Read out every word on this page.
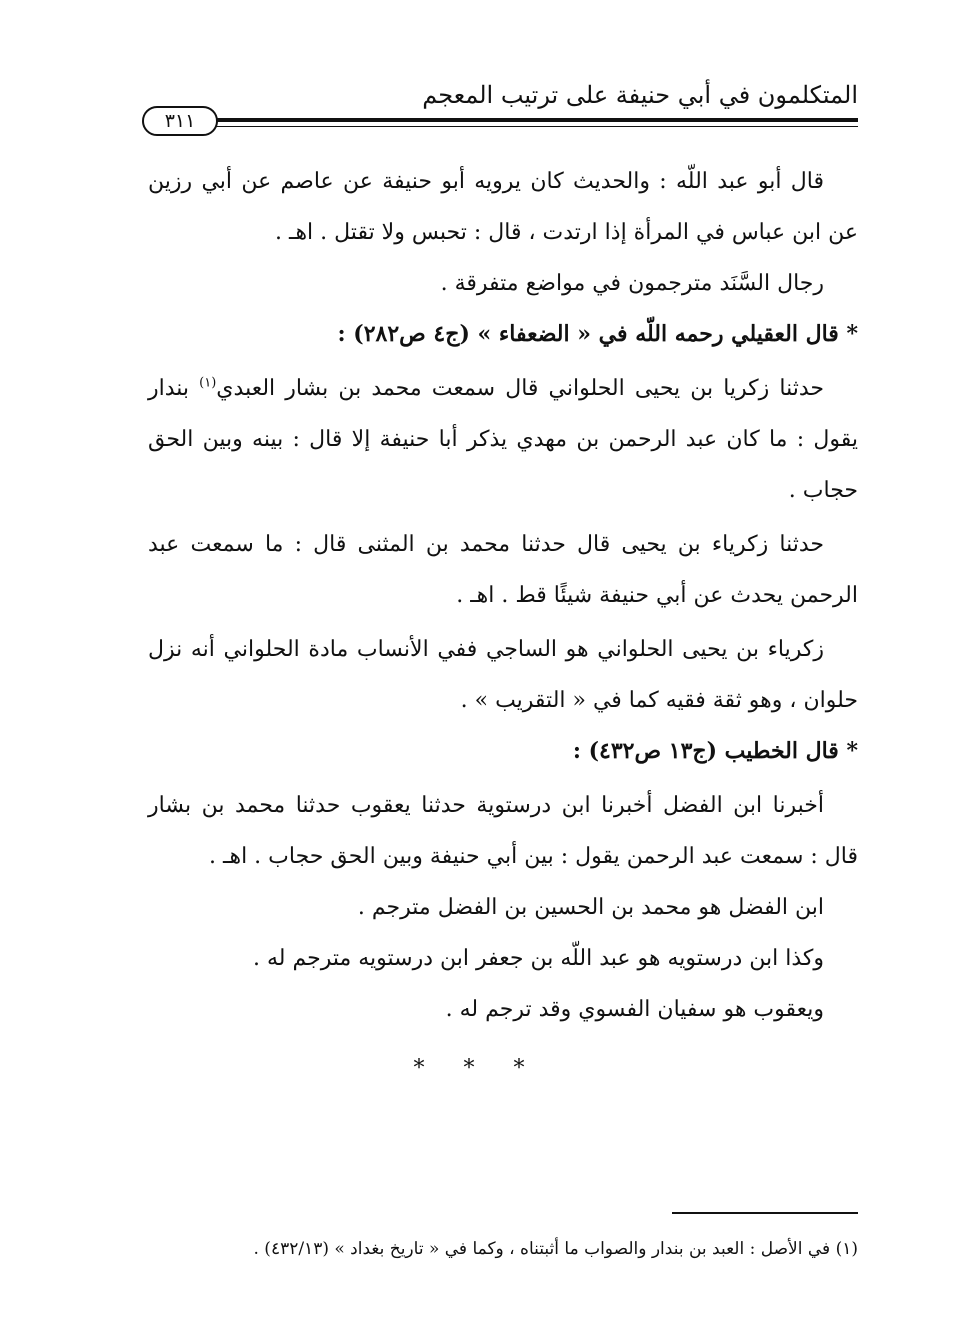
المتكلمون في أبي حنيفة على ترتيب المعجم
٣١١

قال أبو عبد اللّه : والحديث كان يرويه أبو حنيفة عن عاصم عن أبي رزين عن ابن عباس في المرأة إذا ارتدت ، قال : تحبس ولا تقتل . اهـ .

رجال السَّنَد مترجمون في مواضع متفرقة .

* قال العقيلي رحمه اللّه في « الضعفاء » (ج٤ ص٢٨٢) :

حدثنا زكريا بن يحيى الحلواني قال سمعت محمد بن بشار العبدي$^{(١)}$ بندار يقول : ما كان عبد الرحمن بن مهدي يذكر أبا حنيفة إلا قال : بينه وبين الحق حجاب .

حدثنا زكرياء بن يحيى قال حدثنا محمد بن المثنى قال : ما سمعت عبد الرحمن يحدث عن أبي حنيفة شيئًا قط . اهـ .

زكرياء بن يحيى الحلواني هو الساجي ففي الأنساب مادة الحلواني أنه نزل حلوان ، وهو ثقة فقيه كما في « التقريب » .

* قال الخطيب (ج١٣ ص٤٣٢) :

أخبرنا ابن الفضل أخبرنا ابن درستوية حدثنا يعقوب حدثنا محمد بن بشار قال : سمعت عبد الرحمن يقول : بين أبي حنيفة وبين الحق حجاب . اهـ .

ابن الفضل هو محمد بن الحسين بن الفضل مترجم .

وكذا ابن درستويه هو عبد اللّه بن جعفر ابن درستويه مترجم له .

ويعقوب هو سفيان الفسوي وقد ترجم له .

* * *
(١) في الأصل : العبد بن بندار والصواب ما أثبتناه ، وكما في « تاريخ بغداد » (٤٣٢/١٣) .
